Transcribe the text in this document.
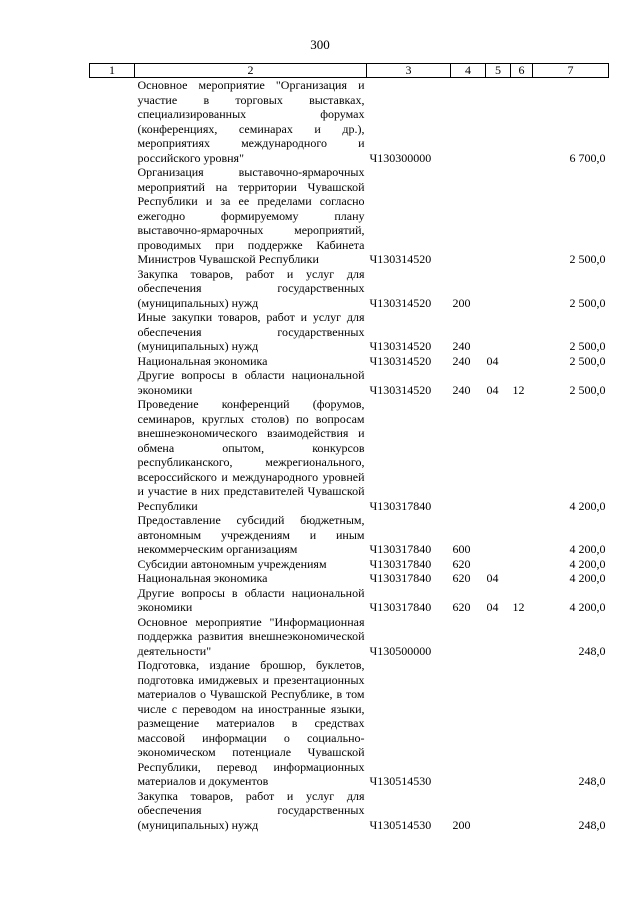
300
1	2	3	4	5	6	7
	Основное мероприятие "Организация и участие в торговых выставках, специализированных форумах (конференциях, семинарах и др.), мероприятиях международного и российского уровня"	Ч130300000				6 700,0
	Организация выставочно-ярмарочных мероприятий на территории Чувашской Республики и за ее пределами согласно ежегодно формируемому плану выставочно-ярмарочных мероприятий, проводимых при поддержке Кабинета Министров Чувашской Республики	Ч130314520				2 500,0
	Закупка товаров, работ и услуг для обеспечения государственных (муниципальных) нужд	Ч130314520	200			2 500,0
	Иные закупки товаров, работ и услуг для обеспечения государственных (муниципальных) нужд	Ч130314520	240			2 500,0
	Национальная экономика	Ч130314520	240	04		2 500,0
	Другие вопросы в области национальной экономики	Ч130314520	240	04	12	2 500,0
	Проведение конференций (форумов, семинаров, круглых столов) по вопросам внешнеэкономического взаимодействия и обмена опытом, конкурсов республиканского, межрегионального, всероссийского и международного уровней и участие в них представителей Чувашской Республики	Ч130317840				4 200,0
	Предоставление субсидий бюджетным, автономным учреждениям и иным некоммерческим организациям	Ч130317840	600			4 200,0
	Субсидии автономным учреждениям	Ч130317840	620			4 200,0
	Национальная экономика	Ч130317840	620	04		4 200,0
	Другие вопросы в области национальной экономики	Ч130317840	620	04	12	4 200,0
	Основное мероприятие "Информационная поддержка развития внешнеэкономической деятельности"	Ч130500000				248,0
	Подготовка, издание брошюр, буклетов, подготовка имиджевых и презентационных материалов о Чувашской Республике, в том числе с переводом на иностранные языки, размещение материалов в средствах массовой информации о социально-экономическом потенциале Чувашской Республики, перевод информационных материалов и документов	Ч130514530				248,0
	Закупка товаров, работ и услуг для обеспечения государственных (муниципальных) нужд	Ч130514530	200			248,0
